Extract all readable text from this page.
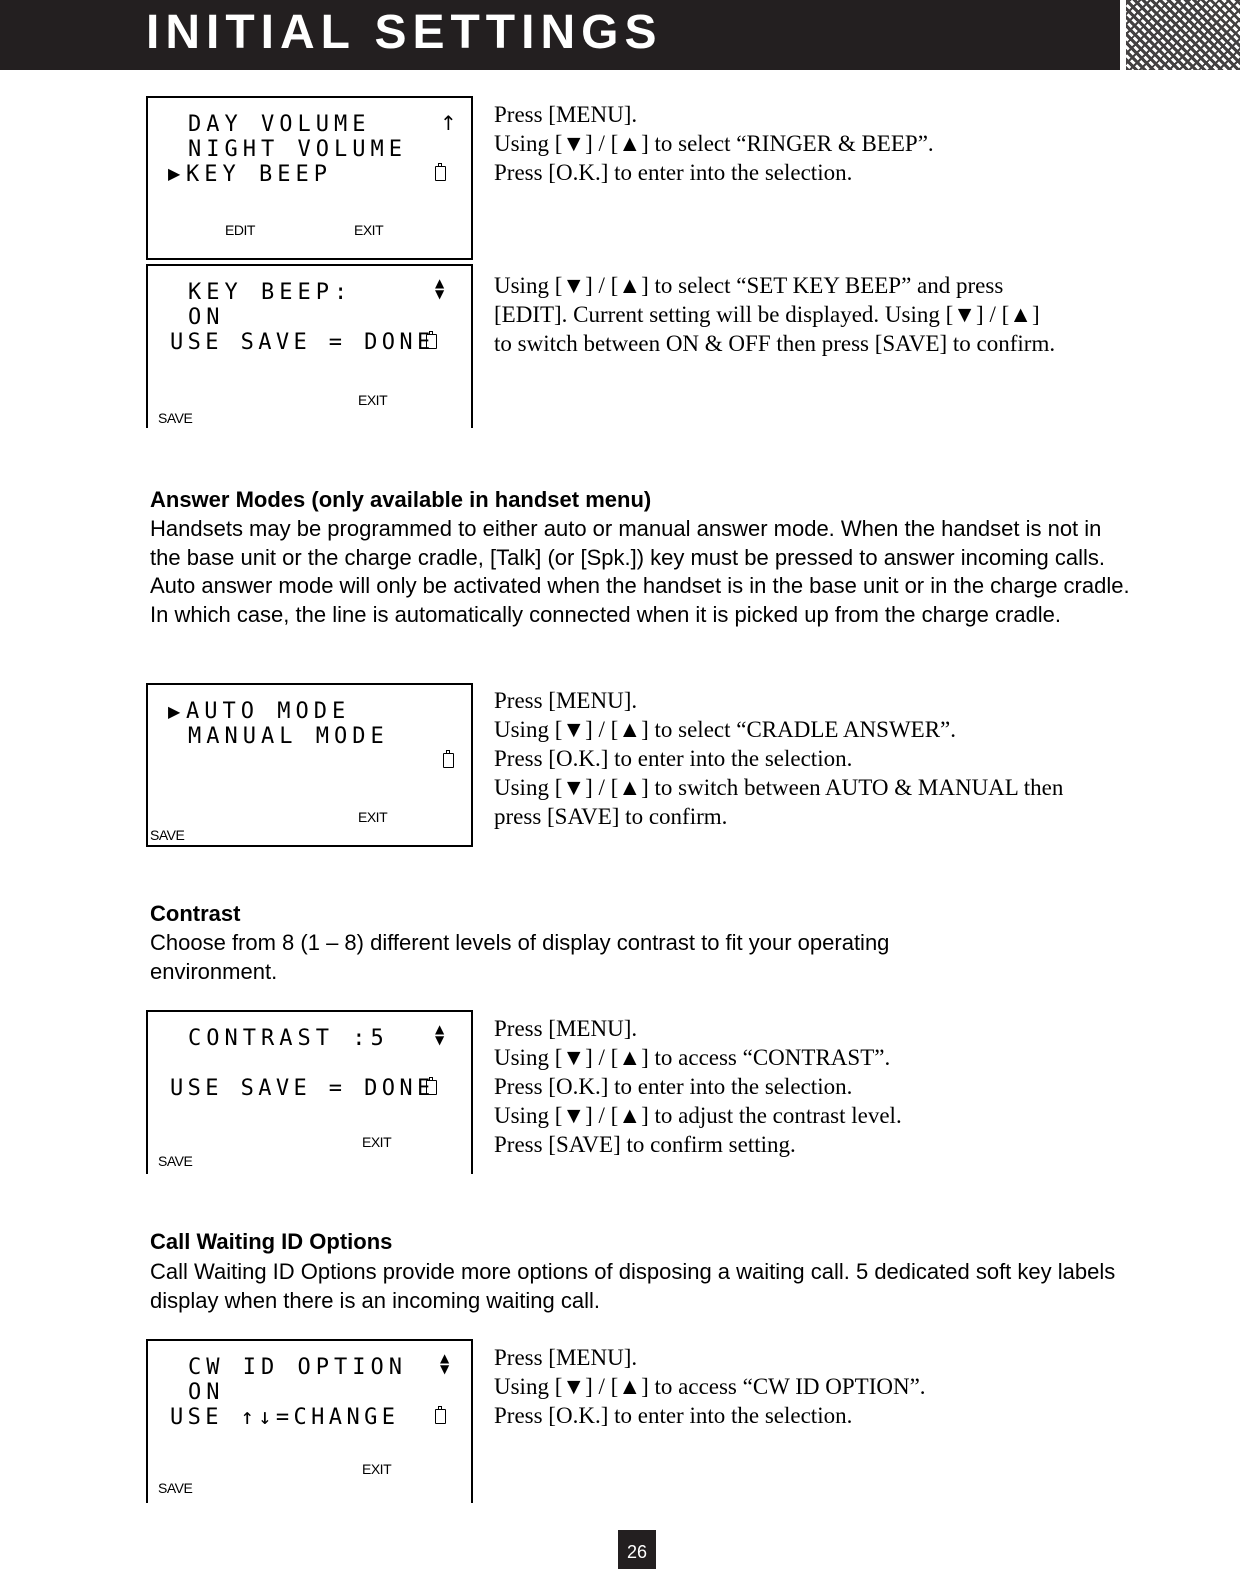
INITIAL SETTINGS
DAY VOLUME	↑
NIGHT VOLUME
▶ KEY BEEP
EDIT	EXIT
Press [MENU].
Using [▼] / [▲] to select “RINGER & BEEP”.
Press [O.K.] to enter into the selection.
KEY BEEP:	▲
▼
ON
USE SAVE = DONE
EXIT
SAVE
Using [▼] / [▲] to select “SET KEY BEEP” and press
[EDIT]. Current setting will be displayed. Using [▼] / [▲]
to switch between ON & OFF then press [SAVE] to confirm.
Answer Modes (only available in handset menu)
Handsets may be programmed to either auto or manual answer mode. When the handset is not in the base unit or the charge cradle, [Talk] (or [Spk.]) key must be pressed to answer incoming calls. Auto answer mode will only be activated when the handset is in the base unit or in the charge cradle. In which case, the line is automatically connected when it is picked up from the charge cradle.
▶ AUTO MODE
MANUAL MODE
EXIT
SAVE
Press [MENU].
Using [▼] / [▲] to select “CRADLE ANSWER”.
Press [O.K.] to enter into the selection.
Using [▼] / [▲] to switch between AUTO & MANUAL then
press [SAVE] to confirm.
Contrast
Choose from 8 (1 – 8) different levels of display contrast to fit your operating environment.
CONTRAST :5	▲
▼
USE SAVE = DONE
EXIT
SAVE
Press [MENU].
Using [▼] / [▲] to access “CONTRAST”.
Press [O.K.] to enter into the selection.
Using [▼] / [▲] to adjust the contrast level.
Press [SAVE] to confirm setting.
Call Waiting ID Options
Call Waiting ID Options provide more options of disposing a waiting call. 5 dedicated soft key labels display when there is an incoming waiting call.
CW ID OPTION	▲
▼
ON
USE ↑↓=CHANGE
EXIT
SAVE
Press [MENU].
Using [▼] / [▲] to access “CW ID OPTION”.
Press [O.K.] to enter into the selection.
26
